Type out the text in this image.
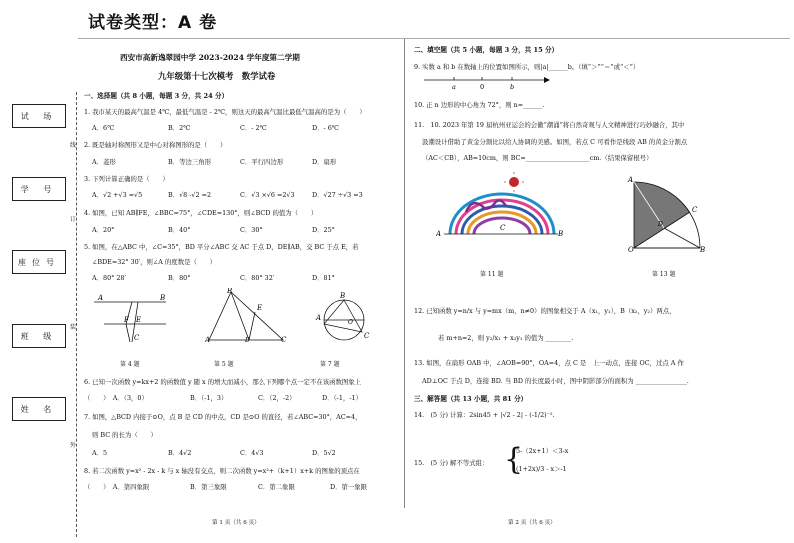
试卷类型：A 卷
试 场
学 号
座位号
班 级
姓 名
线
订
装
外
西安市高新逸翠园中学 2023-2024 学年度第二学期
九年级第十七次模考　数学试卷
一、选择题（共 8 小题，每题 3 分，共 24 分）
1. 我市某天的最高气温是 4℃，最低气温是 - 2℃，则这天的最高气温比最低气温高的是为（　　）
A．6℃	B．2℃	C．- 2℃	D．- 6℃
2. 既是轴对称图形又是中心对称图形的是（　　）
A．菱形	B．等边三角形	C．平行四边形	D．扇形
3. 下列计算正确的是（　　）
A．√2 +√3 =√5	B．√8 -√2 =2	C．√3 ×√6 =2√3	D．√27 ÷√3 =3
4. 如图，已知 AB∥FE，∠BBC=75°，∠CDE=130°，则∠BCD 的值为（　　）
A．20°	B．40°	C．30°	D．25°
5. 如图，在△ABC 中，∠C=35°，BD 平分∠ABC 交 AC 于点 D，DE∥AB，交 BC 于点 E，若
∠BDE=32° 30′，则∠A 的度数是（　　）
A．80° 28′	B．80°	C．80° 32′	D．81°
A	B
F E
C	A
B
C
E
D
B
A
O
C
第 4 题	第 5 题	第 7 题
6. 已知一次函数 y=kx+2 的函数值 y 随 x 的增大而减小，那么下列哪个点一定不在该函数图象上
（　　）　A．（3，0）	B．（-1，3）	C．（2，-2）	D．（-1，-1）
7. 如图，△BCD 内接于⊙O，点 B 是 CD 的中点，CD 是⊙O 的直径，若∠ABC=30°，AC=4，
则 BC 的长为（　　）
A．5	B．4√2	C．4√3	D．5√2
8. 若二次函数 y=x² - 2x - k 与 x 轴没有交点，则二次函数 y=x²+（k+1）x+k 的图象的顶点在
（　　）　A．第四象限	B．第三象限	C．第二象限	D．第一象限
第 1 页（共 6 页）
二、填空题（共 5 小题，每题 3 分，共 15 分）
9. 实数 a 和 b 在数轴上的位置如图所示，则|a|______b。（填“＞”“＝”或“＜”）
a	0	b
10. 正 n 边形的中心角为 72°，则 n=______.
11.　10. 2023 年第 19 届杭州亚运会的会徽“潮涌”将自然奇观与人文精神进行巧妙融合，其中
汲潮设计借助了黄金分割比以给人协调的美感。如图，若点 C 可看作是线段 AB 的黄金分割点
（AC＜CB），AB=10cm，则 BC=____________________cm.（结果保留根号）
A	B
C
A
O	B
C
D
第 11 题	第 13 题
12. 已知函数 y=n/x 与 y=mx（m，n≠0）的图象相交于 A（x₁，y₁），B（x₂，y₂）两点，
若 m+n=2，则 y₂/x₁ + x₂y₁ 的值为 ________.
13. 如图，在扇形 OAB 中，∠AOB=90°，OA=4，点 C 是　上一动点，连接 OC，过点 A 作
AD⊥OC 于点 D，连接 BD. 当 BD 的长度最小时，图中阴影部分的面积为 ________________.
三、解答题（共 13 小题，共 81 分）
14.　(5 分) 计算：2sin45 + |√2 - 2| - (-1/2)⁻².
15.　(5 分) 解不等式组： {
5-（2x+1）＜3-x
(1+2x)/3 - x＞-1
第 2 页（共 6 页）
